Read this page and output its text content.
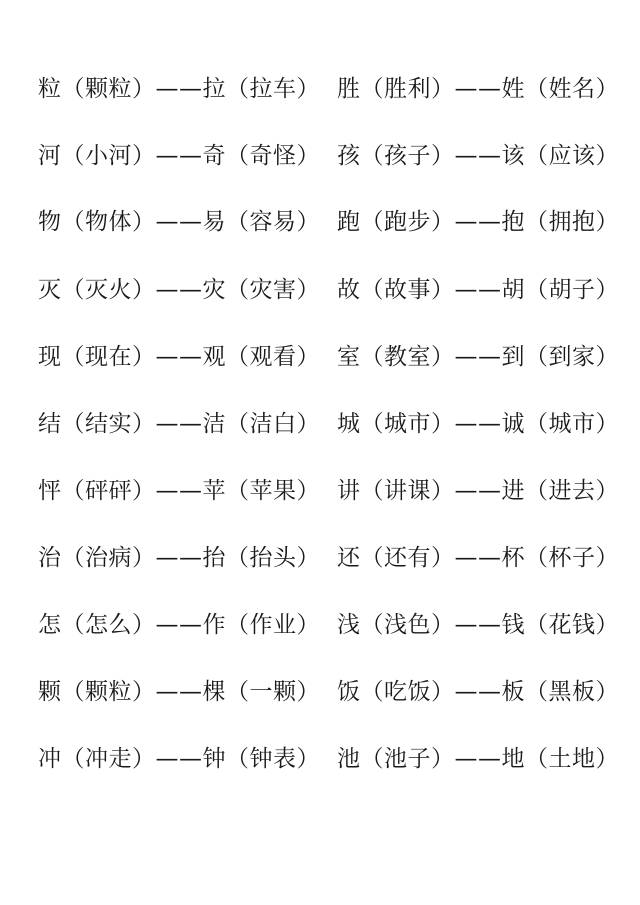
粒（颗粒）——拉（拉车） 胜（胜利）——姓（姓名）
河（小河）——奇（奇怪） 孩（孩子）——该（应该）
物（物体）——易（容易） 跑（跑步）——抱（拥抱）
灭（灭火）——灾（灾害） 故（故事）——胡（胡子）
现（现在）——观（观看） 室（教室）——到（到家）
结（结实）——洁（洁白） 城（城市）——诚（城市）
怦（砰砰）——苹（苹果） 讲（讲课）——进（进去）
治（治病）——抬（抬头） 还（还有）——杯（杯子）
怎（怎么）——作（作业） 浅（浅色）——钱（花钱）
颗（颗粒）——棵（一颗） 饭（吃饭）——板（黑板）
冲（冲走）——钟（钟表） 池（池子）——地（土地）
